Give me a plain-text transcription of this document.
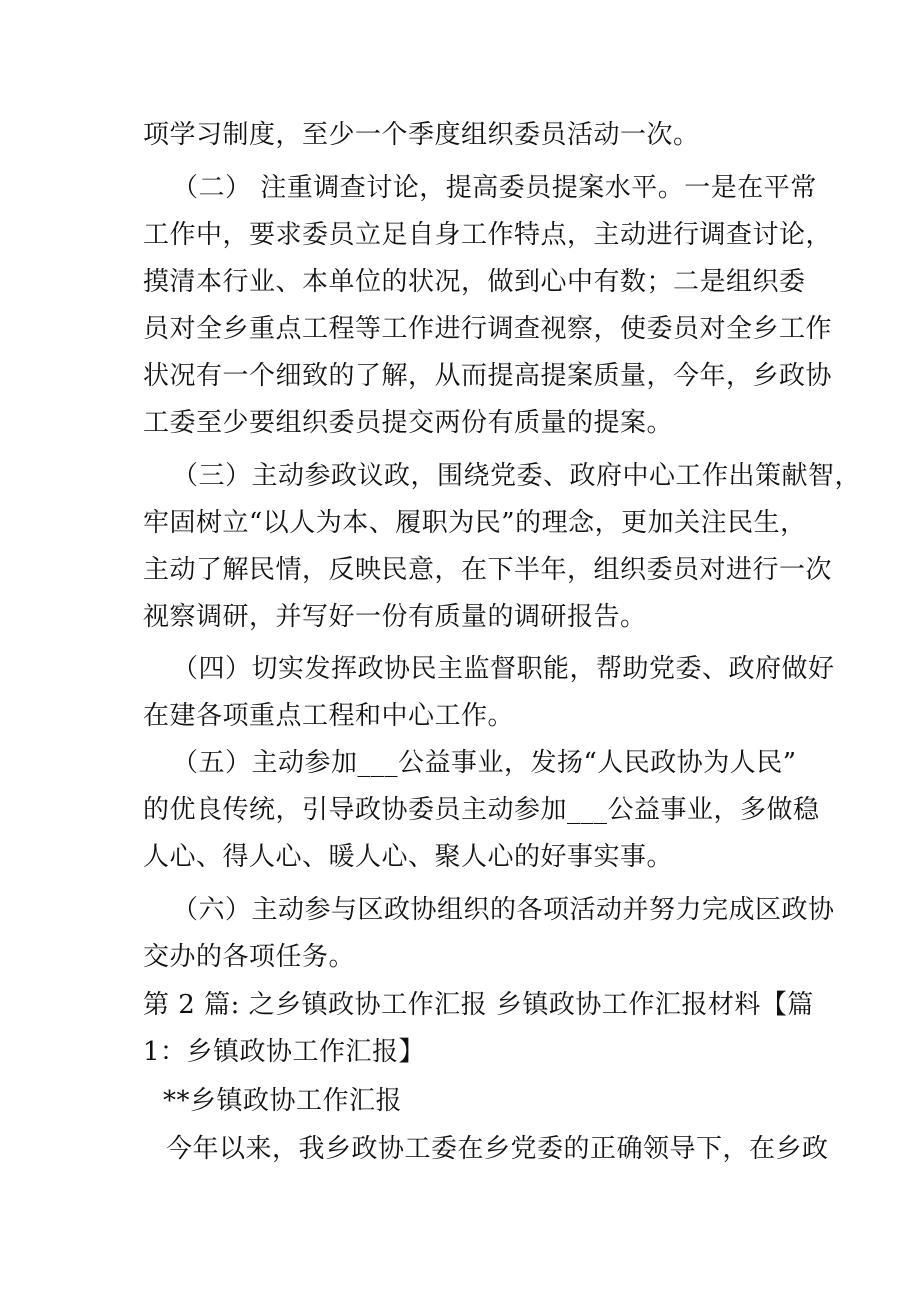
项学习制度，至少一个季度组织委员活动一次。
（二） 注重调查讨论，提高委员提案水平。一是在平常
工作中，要求委员立足自身工作特点，主动进行调查讨论，
摸清本行业、本单位的状况，做到心中有数；二是组织委
员对全乡重点工程等工作进行调查视察，使委员对全乡工作
状况有一个细致的了解，从而提高提案质量，今年，乡政协
工委至少要组织委员提交两份有质量的提案。
（三）主动参政议政，围绕党委、政府中心工作出策献智，
牢固树立“以人为本、履职为民”的理念，更加关注民生，
主动了解民情，反映民意，在下半年，组织委员对进行一次
视察调研，并写好一份有质量的调研报告。
（四）切实发挥政协民主监督职能，帮助党委、政府做好
在建各项重点工程和中心工作。
（五）主动参加___公益事业，发扬“人民政协为人民”
的优良传统，引导政协委员主动参加___公益事业，多做稳
人心、得人心、暖人心、聚人心的好事实事。
（六）主动参与区政协组织的各项活动并努力完成区政协
交办的各项任务。
第 2 篇: 之乡镇政协工作汇报 乡镇政协工作汇报材料【篇
1：乡镇政协工作汇报】
**乡镇政协工作汇报
今年以来，我乡政协工委在乡党委的正确领导下，在乡政
